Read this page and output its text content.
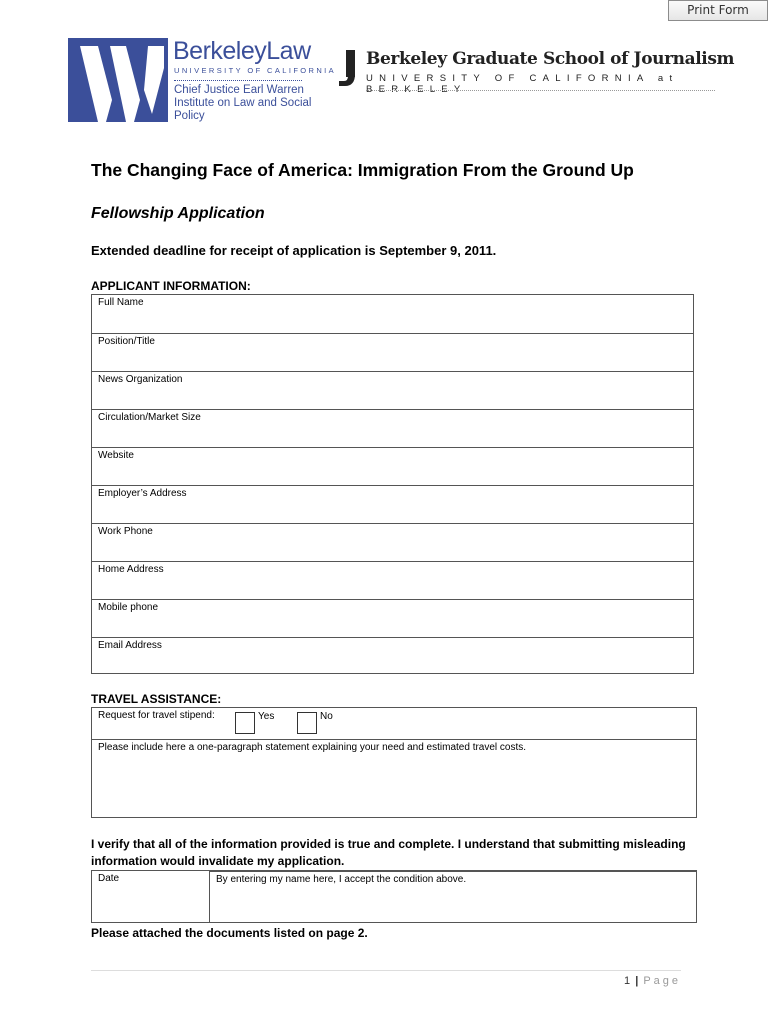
Print Form
BerkeleyLaw
UNIVERSITY OF CALIFORNIA
Chief Justice Earl Warren Institute on Law and Social Policy
Berkeley Graduate School of Journalism
UNIVERSITY OF CALIFORNIA at BERKELEY
The Changing Face of America: Immigration From the Ground Up
Fellowship Application
Extended deadline for receipt of application is September 9, 2011.
APPLICANT INFORMATION:
Full Name
Position/Title
News Organization
Circulation/Market Size
Website
Employer’s Address
Work Phone
Home Address
Mobile phone
Email Address
TRAVEL ASSISTANCE:
Request for travel stipend:
Please include here a one-paragraph statement explaining your need and estimated travel costs.
Yes	No
I verify that all of the information provided is true and complete. I understand that submitting misleading information would invalidate my application.
Date	By entering my name here, I accept the condition above.
Please attached the documents listed on page 2.
1 | Page
